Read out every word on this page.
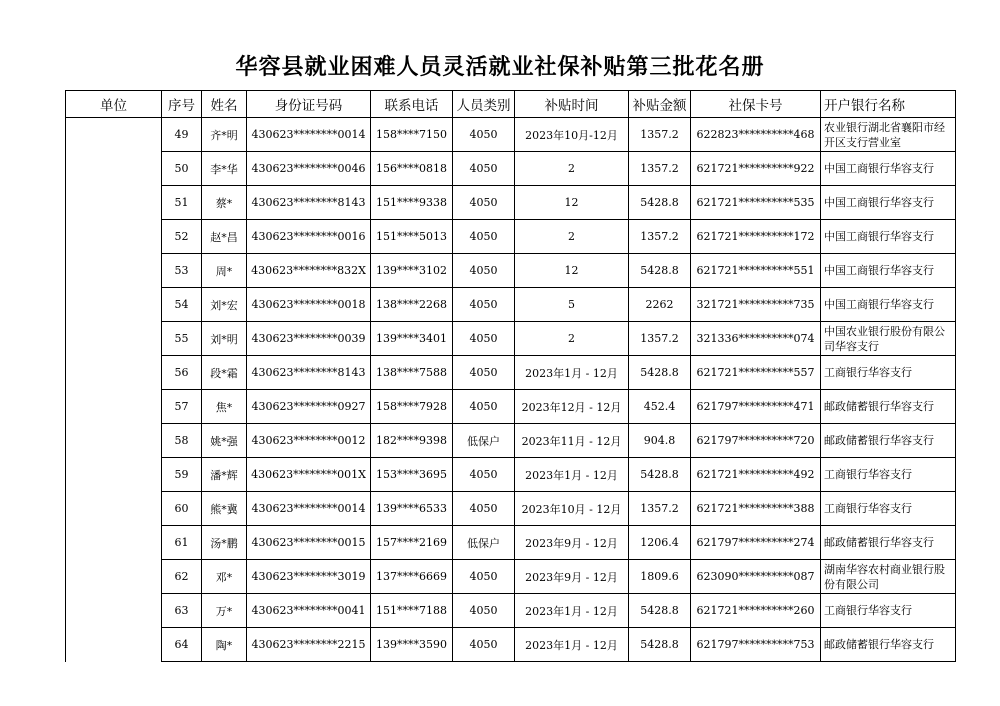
华容县就业困难人员灵活就业社保补贴第三批花名册
单位	序号	姓名	身份证号码	联系电话	人员类别	补贴时间	补贴金额	社保卡号	开户银行名称
	49	齐*明	430623********0014	158****7150	4050	2023年10月-12月	1357.2	622823**********468	农业银行湖北省襄阳市经开区支行营业室
	50	李*华	430623********0046	156****0818	4050	2	1357.2	621721**********922	中国工商银行华容支行
	51	蔡*	430623********8143	151****9338	4050	12	5428.8	621721**********535	中国工商银行华容支行
	52	赵*昌	430623********0016	151****5013	4050	2	1357.2	621721**********172	中国工商银行华容支行
	53	周*	430623********832X	139****3102	4050	12	5428.8	621721**********551	中国工商银行华容支行
	54	刘*宏	430623********0018	138****2268	4050	5	2262	321721**********735	中国工商银行华容支行
	55	刘*明	430623********0039	139****3401	4050	2	1357.2	321336**********074	中国农业银行股份有限公司华容支行
	56	段*霜	430623********8143	138****7588	4050	2023年1月 - 12月	5428.8	621721**********557	工商银行华容支行
	57	焦*	430623********0927	158****7928	4050	2023年12月 - 12月	452.4	621797**********471	邮政储蓄银行华容支行
	58	姚*强	430623********0012	182****9398	低保户	2023年11月 - 12月	904.8	621797**********720	邮政储蓄银行华容支行
	59	潘*辉	430623********001X	153****3695	4050	2023年1月 - 12月	5428.8	621721**********492	工商银行华容支行
	60	熊*冀	430623********0014	139****6533	4050	2023年10月 - 12月	1357.2	621721**********388	工商银行华容支行
	61	汤*鹏	430623********0015	157****2169	低保户	2023年9月 - 12月	1206.4	621797**********274	邮政储蓄银行华容支行
	62	邓*	430623********3019	137****6669	4050	2023年9月 - 12月	1809.6	623090**********087	湖南华容农村商业银行股份有限公司
	63	万*	430623********0041	151****7188	4050	2023年1月 - 12月	5428.8	621721**********260	工商银行华容支行
	64	陶*	430623********2215	139****3590	4050	2023年1月 - 12月	5428.8	621797**********753	邮政储蓄银行华容支行
